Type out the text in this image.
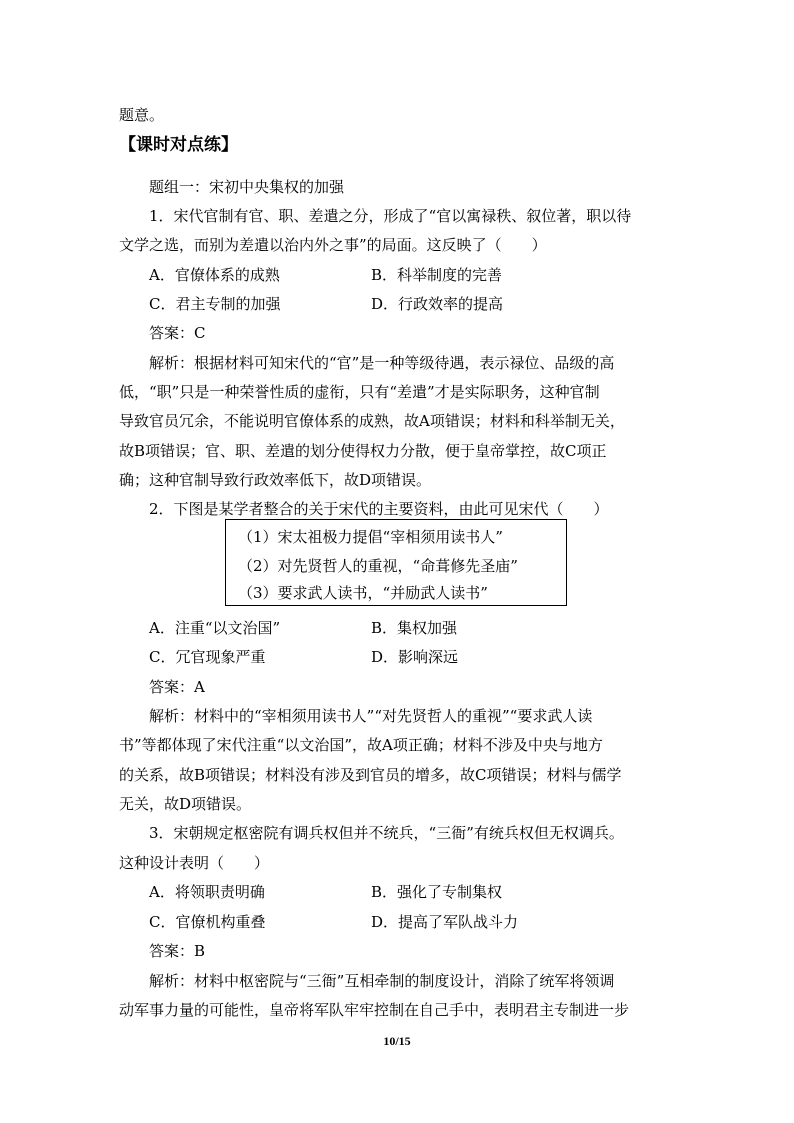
题意。
【课时对点练】
题组一：宋初中央集权的加强
1．宋代官制有官、职、差遣之分，形成了“官以寓禄秩、叙位著，职以待
文学之选，而别为差遣以治内外之事”的局面。这反映了（　　）
A．官僚体系的成熟	B．科举制度的完善
C．君主专制的加强	D．行政效率的提高
答案：C
解析：根据材料可知宋代的“官”是一种等级待遇，表示禄位、品级的高
低，“职”只是一种荣誉性质的虚衔，只有“差遣”才是实际职务，这种官制
导致官员冗余，不能说明官僚体系的成熟，故A项错误；材料和科举制无关，
故B项错误；官、职、差遣的划分使得权力分散，便于皇帝掌控，故C项正
确；这种官制导致行政效率低下，故D项错误。
2．下图是某学者整合的关于宋代的主要资料，由此可见宋代（　　）
（1）宋太祖极力提倡“宰相须用读书人”
（2）对先贤哲人的重视，“命葺修先圣庙”
（3）要求武人读书，“并励武人读书”
A．注重“以文治国”	B．集权加强
C．冗官现象严重	D．影响深远
答案：A
解析：材料中的“宰相须用读书人”“对先贤哲人的重视”“要求武人读
书”等都体现了宋代注重“以文治国”，故A项正确；材料不涉及中央与地方
的关系，故B项错误；材料没有涉及到官员的增多，故C项错误；材料与儒学
无关，故D项错误。
3．宋朝规定枢密院有调兵权但并不统兵，“三衙”有统兵权但无权调兵。
这种设计表明（　　）
A．将领职责明确	B．强化了专制集权
C．官僚机构重叠	D．提高了军队战斗力
答案：B
解析：材料中枢密院与“三衙”互相牵制的制度设计，消除了统军将领调
动军事力量的可能性，皇帝将军队牢牢控制在自己手中，表明君主专制进一步
10/15
